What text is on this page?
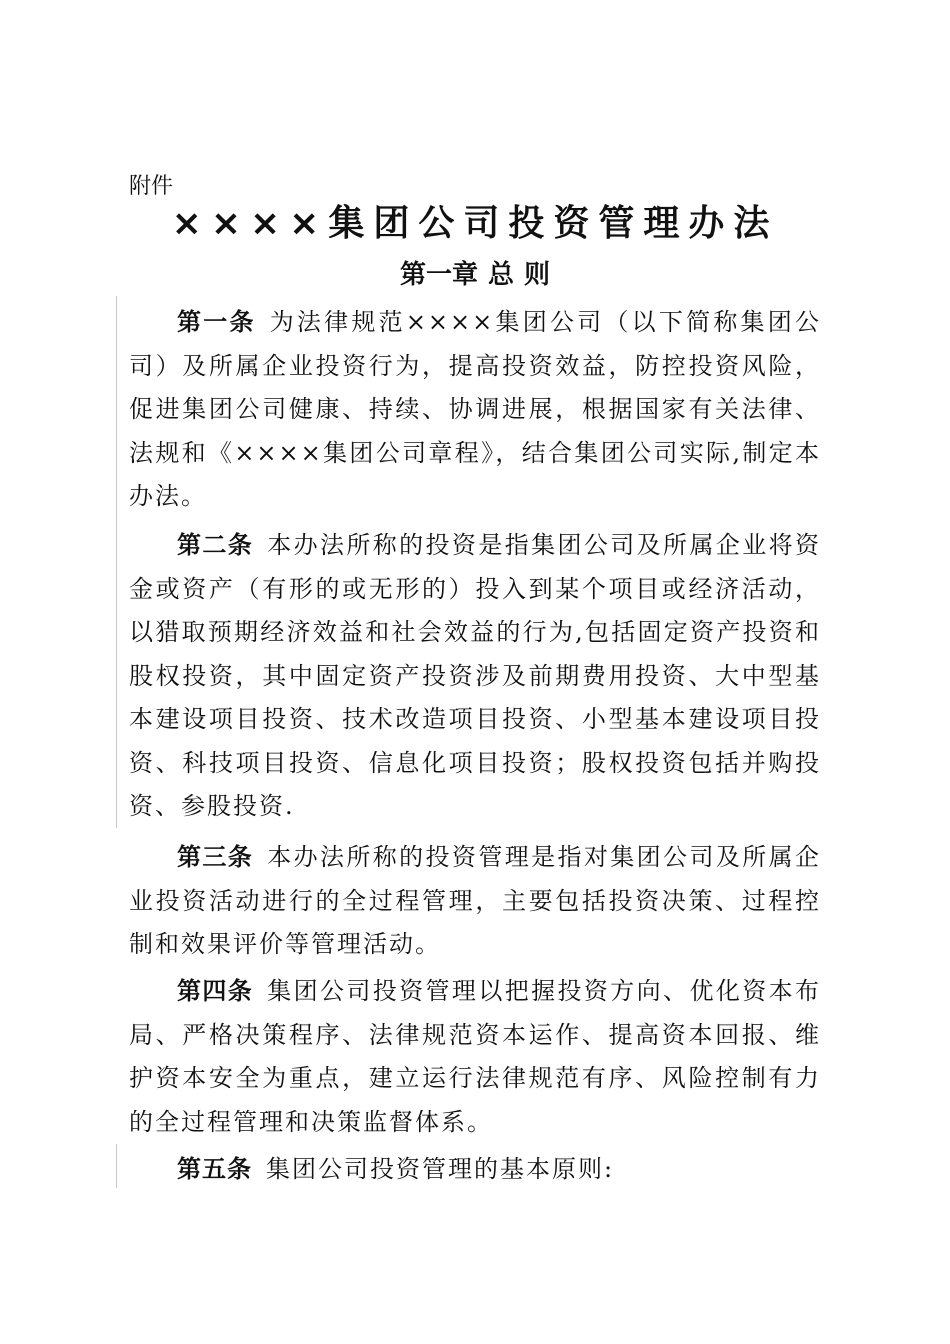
附件
××××集团公司投资管理办法
第一章 总 则

第一条 为法律规范××××集团公司（以下简称集团公司）及所属企业投资行为，提高投资效益，防控投资风险，促进集团公司健康、持续、协调进展，根据国家有关法律、法规和《××××集团公司章程》，结合集团公司实际,制定本办法。

第二条 本办法所称的投资是指集团公司及所属企业将资金或资产（有形的或无形的）投入到某个项目或经济活动，以猎取预期经济效益和社会效益的行为,包括固定资产投资和股权投资，其中固定资产投资涉及前期费用投资、大中型基本建设项目投资、技术改造项目投资、小型基本建设项目投资、科技项目投资、信息化项目投资；股权投资包括并购投资、参股投资.

第三条 本办法所称的投资管理是指对集团公司及所属企业投资活动进行的全过程管理，主要包括投资决策、过程控制和效果评价等管理活动。

第四条 集团公司投资管理以把握投资方向、优化资本布局、严格决策程序、法律规范资本运作、提高资本回报、维护资本安全为重点，建立运行法律规范有序、风险控制有力的全过程管理和决策监督体系。

第五条 集团公司投资管理的基本原则:
